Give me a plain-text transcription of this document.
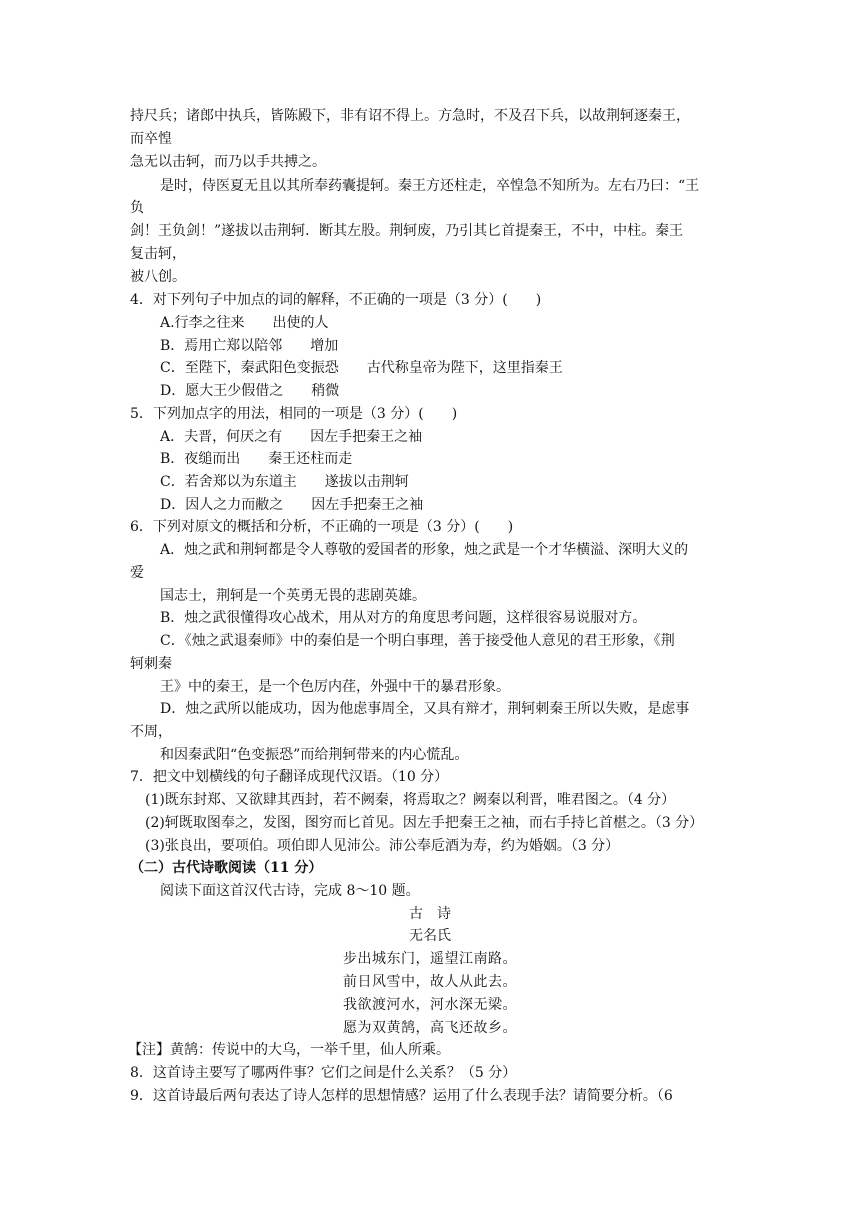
持尺兵；诸郎中执兵，皆陈殿下，非有诏不得上。方急时，不及召下兵，以故荆轲逐秦王，
而卒惶
急无以击轲，而乃以手共搏之。
是时，侍医夏无且以其所奉药囊提轲。秦王方还柱走，卒惶急不知所为。左右乃曰：“王
负
剑！王负剑！”遂拔以击荆轲．断其左股。荆轲废，乃引其匕首提秦王，不中，中柱。秦王
复击轲，
被八创。
4．对下列句子中加点的词的解释，不正确的一项是（3 分）(　　)
A.行李之往来　　出使的人
B．焉用亡郑以陪邻　　增加
C．至陛下，秦武阳色变振恐　　古代称皇帝为陛下，这里指秦王
D．愿大王少假借之　　稍微
5．下列加点字的用法，相同的一项是（3 分）(　　)
A．夫晋，何厌之有　　因左手把秦王之袖
B．夜缒而出　　秦王还柱而走
C．若舍郑以为东道主　　遂拔以击荆轲
D．因人之力而敝之　　因左手把秦王之袖
6．下列对原文的概括和分析，不正确的一项是（3 分）(　　)
A．烛之武和荆轲都是令人尊敬的爱国者的形象，烛之武是一个才华横溢、深明大义的
爱
国志士，荆轲是一个英勇无畏的悲剧英雄。
B．烛之武很懂得攻心战术，用从对方的角度思考问题，这样很容易说服对方。
C．《烛之武退秦师》中的秦伯是一个明白事理，善于接受他人意见的君王形象，《荆
轲刺秦
王》中的秦王，是一个色厉内荏，外强中干的暴君形象。
D．烛之武所以能成功，因为他虑事周全，又具有辩才，荆轲刺秦王所以失败，是虑事
不周，
和因秦武阳“色变振恐”而给荆轲带来的内心慌乱。
7．把文中划横线的句子翻译成现代汉语。（10 分）
(1)既东封郑、又欲肆其西封，若不阙秦，将焉取之？阙秦以利晋，唯君图之。（4 分）
(2)轲既取图奉之，发图，图穷而匕首见。因左手把秦王之袖，而右手持匕首椹之。（3 分）
(3)张良出，要项伯。项伯即人见沛公。沛公奉卮酒为寿，约为婚姻。（3 分）
（二）古代诗歌阅读（11 分）
阅读下面这首汉代古诗，完成 8～10 题。
古　诗
无名氏
步出城东门，遥望江南路。
前日风雪中，故人从此去。
我欲渡河水，河水深无梁。
愿为双黄鹄，高飞还故乡。
【注】黄鹄：传说中的大乌，一举千里，仙人所乘。
8．这首诗主要写了哪两件事？它们之间是什么关系？（5 分）
9．这首诗最后两句表达了诗人怎样的思想情感？运用了什么表现手法？请简要分析。（6
